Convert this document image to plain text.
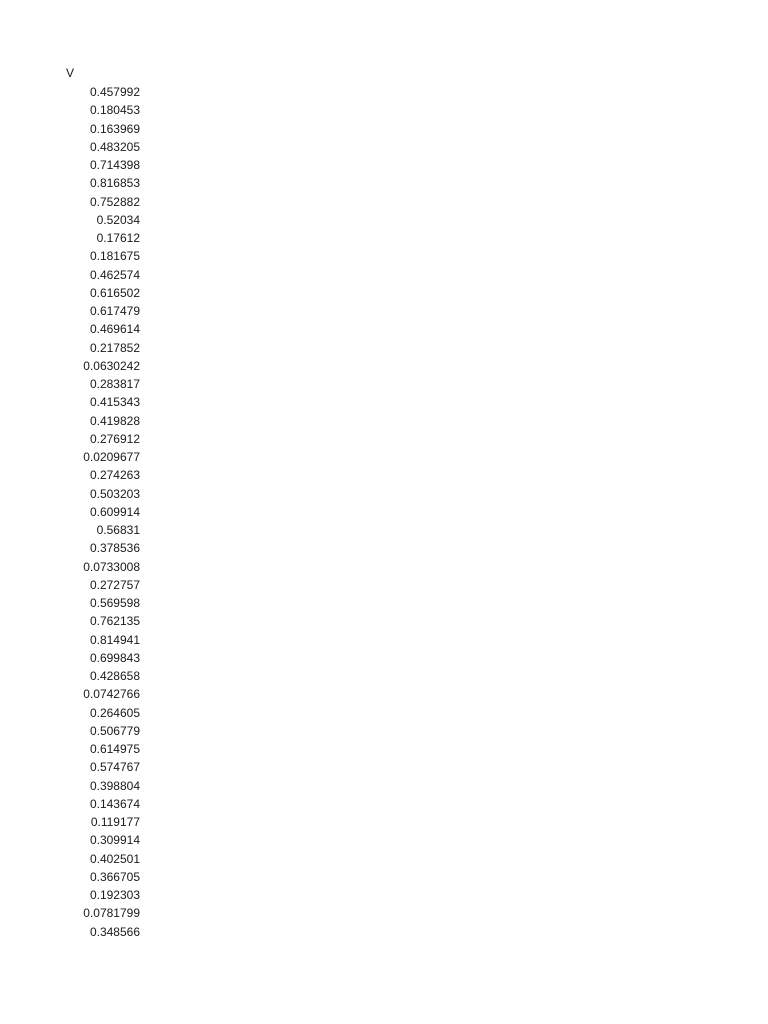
V
0.457992
0.180453
0.163969
0.483205
0.714398
0.816853
0.752882
0.52034
0.17612
0.181675
0.462574
0.616502
0.617479
0.469614
0.217852
0.0630242
0.283817
0.415343
0.419828
0.276912
0.0209677
0.274263
0.503203
0.609914
0.56831
0.378536
0.0733008
0.272757
0.569598
0.762135
0.814941
0.699843
0.428658
0.0742766
0.264605
0.506779
0.614975
0.574767
0.398804
0.143674
0.119177
0.309914
0.402501
0.366705
0.192303
0.0781799
0.348566
